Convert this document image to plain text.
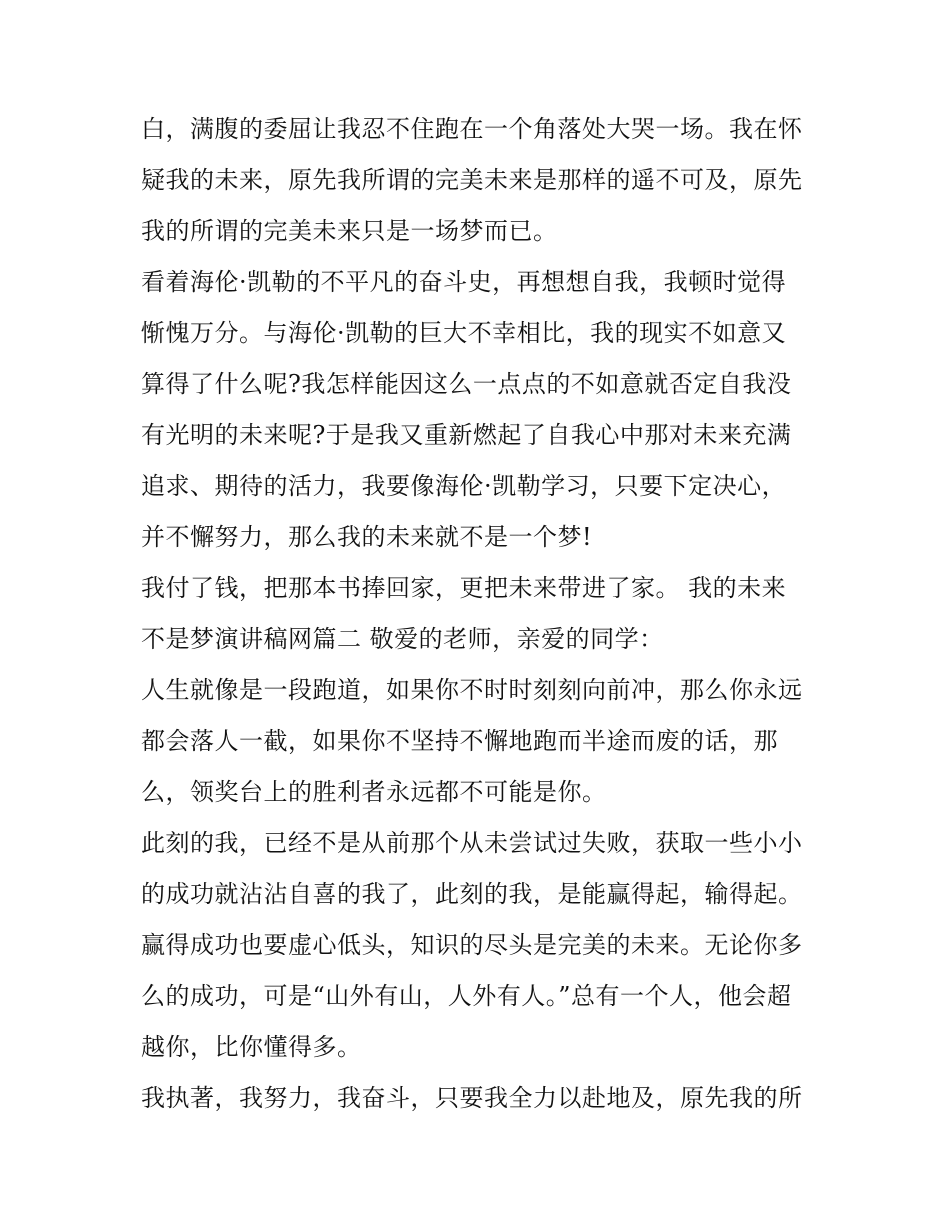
白，满腹的委屈让我忍不住跑在一个角落处大哭一场。我在怀
疑我的未来，原先我所谓的完美未来是那样的遥不可及，原先
我的所谓的完美未来只是一场梦而已。
看着海伦·凯勒的不平凡的奋斗史，再想想自我，我顿时觉得
惭愧万分。与海伦·凯勒的巨大不幸相比，我的现实不如意又
算得了什么呢?我怎样能因这么一点点的不如意就否定自我没
有光明的未来呢?于是我又重新燃起了自我心中那对未来充满
追求、期待的活力，我要像海伦·凯勒学习，只要下定决心，
并不懈努力，那么我的未来就不是一个梦!
我付了钱，把那本书捧回家，更把未来带进了家。 我的未来
不是梦演讲稿网篇二 敬爱的老师，亲爱的同学：
人生就像是一段跑道，如果你不时时刻刻向前冲，那么你永远
都会落人一截，如果你不坚持不懈地跑而半途而废的话，那
么，领奖台上的胜利者永远都不可能是你。
此刻的我，已经不是从前那个从未尝试过失败，获取一些小小
的成功就沾沾自喜的我了，此刻的我，是能赢得起，输得起。
赢得成功也要虚心低头，知识的尽头是完美的未来。无论你多
么的成功，可是“山外有山，人外有人。”总有一个人，他会超
越你，比你懂得多。
我执著，我努力，我奋斗，只要我全力以赴地及，原先我的所
